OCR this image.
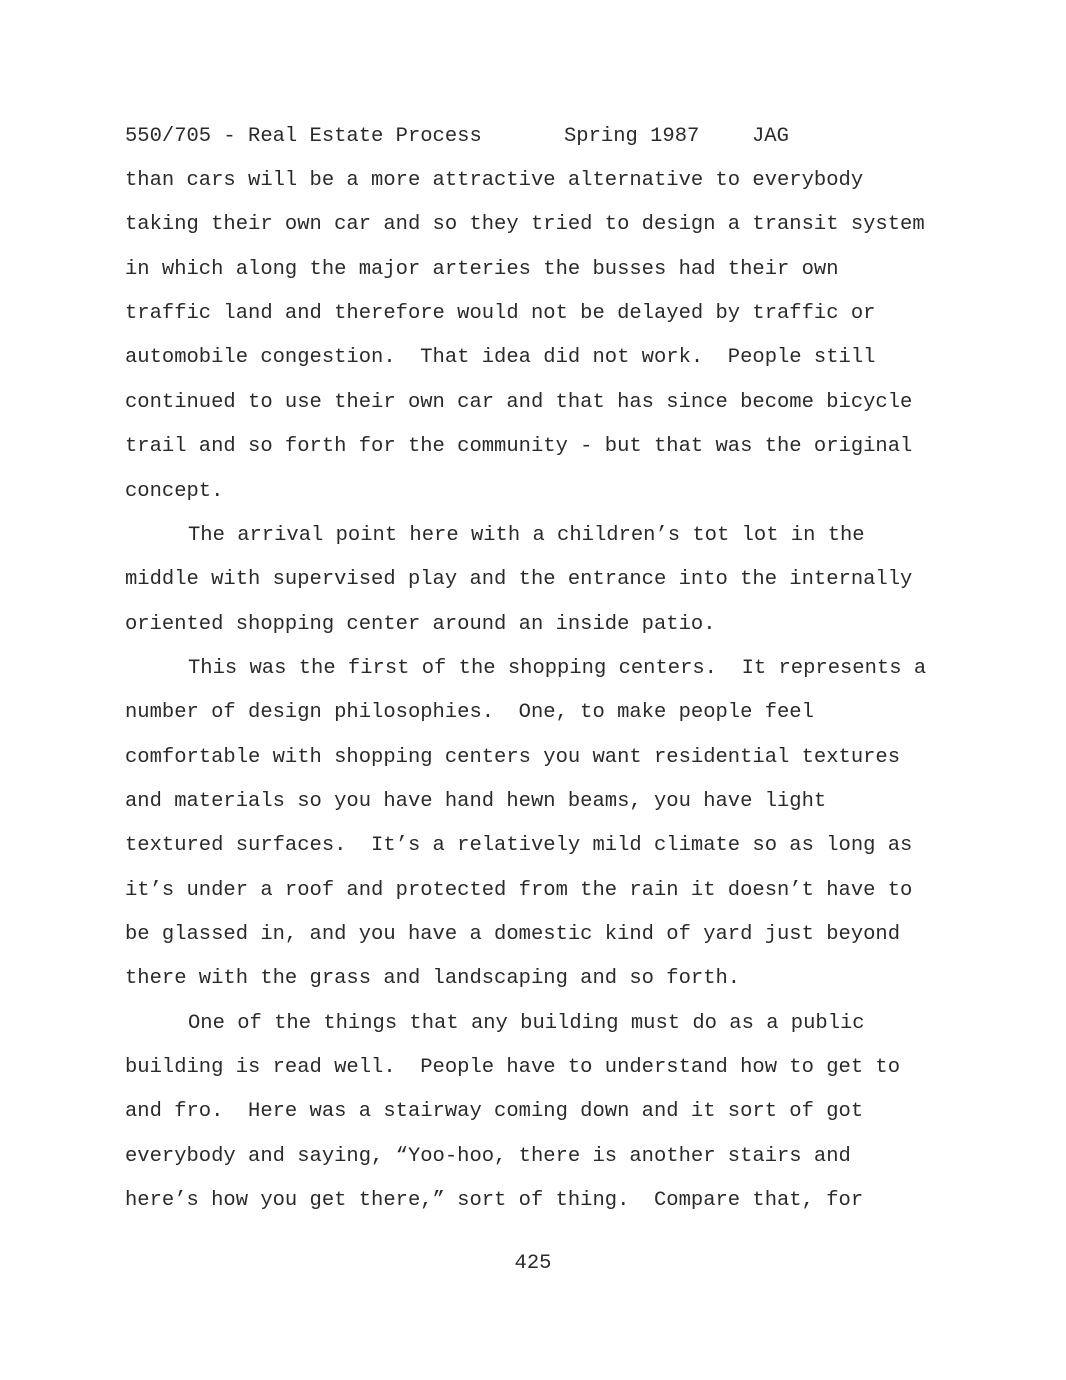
550/705 - Real Estate Process

	Spring 1987

	JAG

than cars will be a more attractive alternative to everybody
taking their own car and so they tried to design a transit system
in which along the major arteries the busses had their own
traffic land and therefore would not be delayed by traffic or
automobile congestion.  That idea did not work.  People still
continued to use their own car and that has since become bicycle
trail and so forth for the community - but that was the original
concept.
The arrival point here with a children’s tot lot in the
middle with supervised play and the entrance into the internally
oriented shopping center around an inside patio.
This was the first of the shopping centers.  It represents a
number of design philosophies.  One, to make people feel
comfortable with shopping centers you want residential textures
and materials so you have hand hewn beams, you have light
textured surfaces.  It’s a relatively mild climate so as long as
it’s under a roof and protected from the rain it doesn’t have to
be glassed in, and you have a domestic kind of yard just beyond
there with the grass and landscaping and so forth.
One of the things that any building must do as a public
building is read well.  People have to understand how to get to
and fro.  Here was a stairway coming down and it sort of got
everybody and saying, “Yoo-hoo, there is another stairs and
here’s how you get there,” sort of thing.  Compare that, for
425
